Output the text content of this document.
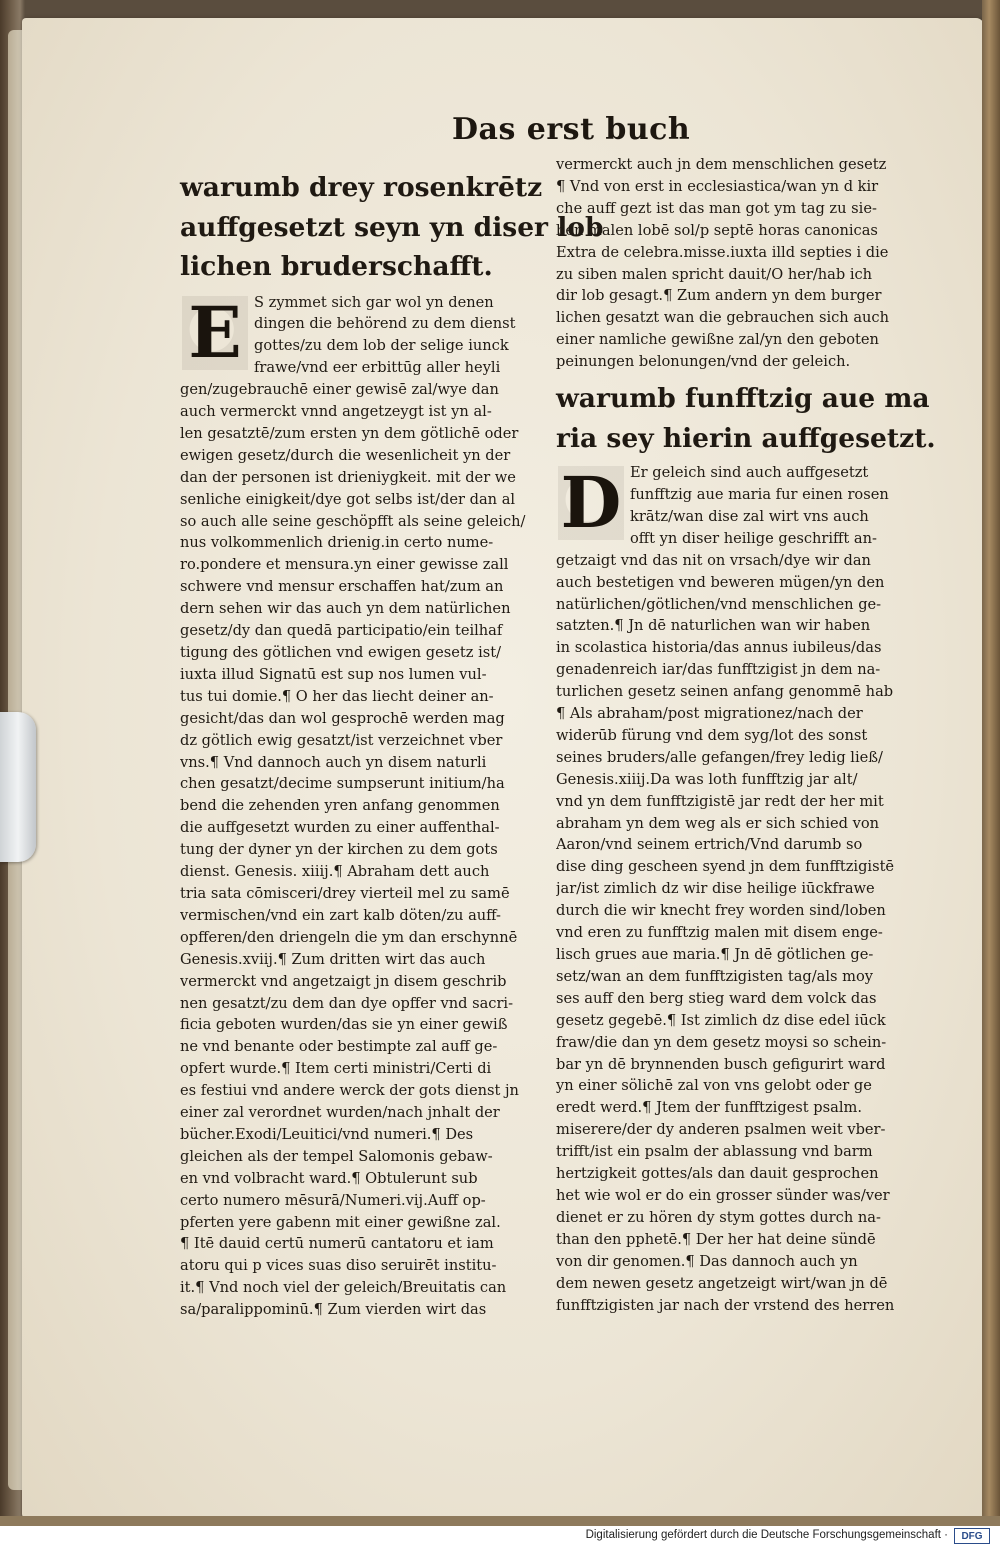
Das erst buch
warumb drey rosenkrētz
auffgesetzt seyn yn diser lob
lichen bruderschafft.
E S zymmet sich gar wol yn denen
dingen die behörend zu dem dienst
gottes/zu dem lob der selige iunck
frawe/vnd eer erbittūg aller heyli
gen/zugebrauchē einer gewisē zal/wye dan
auch vermerckt vnnd angetzeygt ist yn al-
len gesatztē/zum ersten yn dem götlichē oder
ewigen gesetz/durch die wesenlicheit yn der
dan der personen ist drieniygkeit. mit der we
senliche einigkeit/dye got selbs ist/der dan al
so auch alle seine geschöpfft als seine geleich/
nus volkommenlich drienig.in certo nume-
ro.pondere et mensura.yn einer gewisse zall
schwere vnd mensur erschaffen hat/zum an
dern sehen wir das auch yn dem natürlichen
gesetz/dy dan quedā participatio/ein teilhaf
tigung des götlichen vnd ewigen gesetz ist/
iuxta illud Signatū est sup nos lumen vul-
tus tui domie.¶ O her das liecht deiner an-
gesicht/das dan wol gesprochē werden mag
dz götlich ewig gesatzt/ist verzeichnet vber
vns.¶ Vnd dannoch auch yn disem naturli
chen gesatzt/decime sumpserunt initium/ha
bend die zehenden yren anfang genommen
die auffgesetzt wurden zu einer auffenthal-
tung der dyner yn der kirchen zu dem gots
dienst. Genesis. xiiij.¶ Abraham dett auch
tria sata cōmisceri/drey vierteil mel zu samē
vermischen/vnd ein zart kalb döten/zu auff-
opfferen/den driengeln die ym dan erschynnē
Genesis.xviij.¶ Zum dritten wirt das auch
vermerckt vnd angetzaigt jn disem geschrib
nen gesatzt/zu dem dan dye opffer vnd sacri-
ficia geboten wurden/das sie yn einer gewiß
ne vnd benante oder bestimpte zal auff ge-
opfert wurde.¶ Item certi ministri/Certi di
es festiui vnd andere werck der gots dienst jn
einer zal verordnet wurden/nach jnhalt der
bücher.Exodi/Leuitici/vnd numeri.¶ Des
gleichen als der tempel Salomonis gebaw-
en vnd volbracht ward.¶ Obtulerunt sub
certo numero mēsurā/Numeri.vij.Auff op-
pferten yere gabenn mit einer gewißne zal.
¶ Itē dauid certū numerū cantatoru et iam
atoru qui p vices suas diso seruirēt institu-
it.¶ Vnd noch viel der geleich/Breuitatis can
sa/paralippominū.¶ Zum vierden wirt das
vermerckt auch jn dem menschlichen gesetz
¶ Vnd von erst in ecclesiastica/wan yn d kir
che auff gezt ist das man got ym tag zu sie-
ben malen lobē sol/p septē horas canonicas
Extra de celebra.misse.iuxta illd septies i die
zu siben malen spricht dauit/O her/hab ich
dir lob gesagt.¶ Zum andern yn dem burger
lichen gesatzt wan die gebrauchen sich auch
einer namliche gewißne zal/yn den geboten
peinungen belonungen/vnd der geleich.
warumb funfftzig aue ma
ria sey hierin auffgesetzt.
D Er geleich sind auch auffgesetzt
funfftzig aue maria fur einen rosen
krātz/wan dise zal wirt vns auch
offt yn diser heilige geschrifft an-
getzaigt vnd das nit on vrsach/dye wir dan
auch bestetigen vnd beweren mügen/yn den
natürlichen/götlichen/vnd menschlichen ge-
satzten.¶ Jn dē naturlichen wan wir haben
in scolastica historia/das annus iubileus/das
genadenreich iar/das funfftzigist jn dem na-
turlichen gesetz seinen anfang genommē hab
¶ Als abraham/post migrationez/nach der
widerūb fürung vnd dem syg/lot des sonst
seines bruders/alle gefangen/frey ledig ließ/
Genesis.xiiij.Da was loth funfftzig jar alt/
vnd yn dem funfftzigistē jar redt der her mit
abraham yn dem weg als er sich schied von
Aaron/vnd seinem ertrich/Vnd darumb so
dise ding gescheen syend jn dem funfftzigistē
jar/ist zimlich dz wir dise heilige iūckfrawe
durch die wir knecht frey worden sind/loben
vnd eren zu funfftzig malen mit disem enge-
lisch grues aue maria.¶ Jn dē götlichen ge-
setz/wan an dem funfftzigisten tag/als moy
ses auff den berg stieg ward dem volck das
gesetz gegebē.¶ Ist zimlich dz dise edel iūck
fraw/die dan yn dem gesetz moysi so schein-
bar yn dē brynnenden busch gefigurirt ward
yn einer sölichē zal von vns gelobt oder ge
eredt werd.¶ Jtem der funfftzigest psalm.
miserere/der dy anderen psalmen weit vber-
trifft/ist ein psalm der ablassung vnd barm
hertzigkeit gottes/als dan dauit gesprochen
het wie wol er do ein grosser sünder was/ver
dienet er zu hören dy stym gottes durch na-
than den pphetē.¶ Der her hat deine sündē
von dir genomen.¶ Das dannoch auch yn
dem newen gesetz angetzeigt wirt/wan jn dē
funfftzigisten jar nach der vrstend des herren
Digitalisierung gefördert durch die Deutsche Forschungsgemeinschaft ·	DFG
